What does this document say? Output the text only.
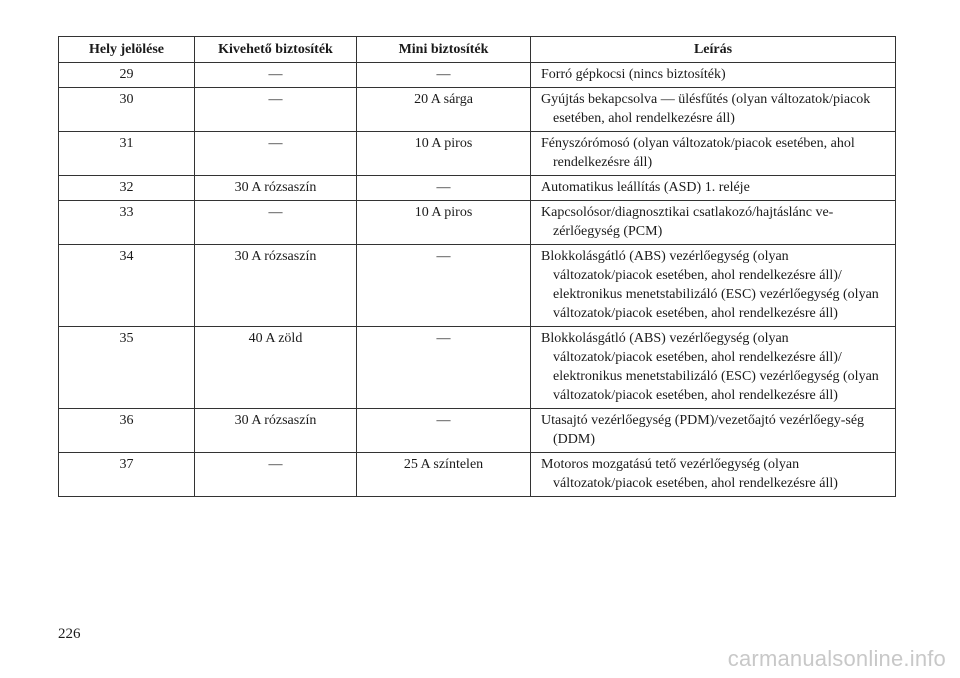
Hely jelölése	Kivehető biztosíték	Mini biztosíték	Leírás
29	—	—	Forró gépkocsi (nincs biztosíték)

30	—	20 A sárga	Gyújtás bekapcsolva — ülésfűtés (olyan változatok/piacok esetében, ahol rendelkezésre áll)

31	—	10 A piros	Fényszórómosó (olyan változatok/piacok esetében, ahol rendelkezésre áll)

32	30 A rózsaszín	—	Automatikus leállítás (ASD) 1. reléje

33	—	10 A piros	Kapcsolósor/diagnosztikai csatlakozó/hajtáslánc ve-zérlőegység (PCM)

34	30 A rózsaszín	—	Blokkolásgátló (ABS) vezérlőegység (olyan változatok/piacok esetében, ahol rendelkezésre áll)/ elektronikus menetstabilizáló (ESC) vezérlőegység (olyan változatok/piacok esetében, ahol rendelkezésre áll)

35	40 A zöld	—	Blokkolásgátló (ABS) vezérlőegység (olyan változatok/piacok esetében, ahol rendelkezésre áll)/ elektronikus menetstabilizáló (ESC) vezérlőegység (olyan változatok/piacok esetében, ahol rendelkezésre áll)

36	30 A rózsaszín	—	Utasajtó vezérlőegység (PDM)/vezetőajtó vezérlőegy-ség (DDM)

37	—	25 A színtelen	Motoros mozgatású tető vezérlőegység (olyan változatok/piacok esetében, ahol rendelkezésre áll)
226
carmanualsonline.info
